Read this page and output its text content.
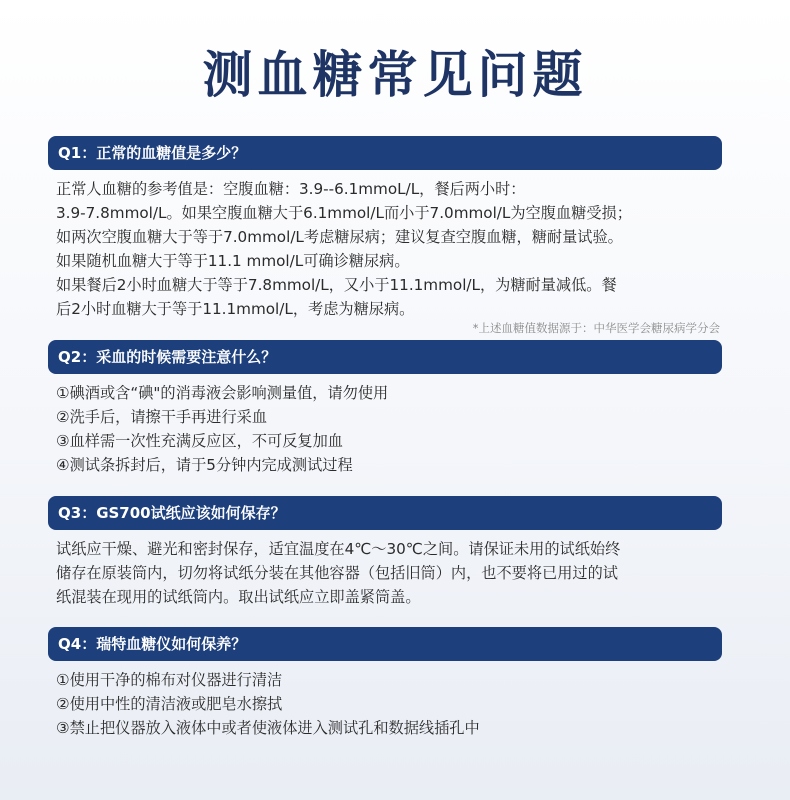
测血糖常见问题
Q1：正常的血糖值是多少？
正常人血糖的参考值是：空腹血糖：3.9--6.1mmoL/L，餐后两小时：
3.9-7.8mmol/L。如果空腹血糖大于6.1mmol/L而小于7.0mmol/L为空腹血糖受损；
如两次空腹血糖大于等于7.0mmol/L考虑糖尿病；建议复查空腹血糖，糖耐量试验。
如果随机血糖大于等于11.1 mmol/L可确诊糖尿病。
如果餐后2小时血糖大于等于7.8mmol/L，又小于11.1mmol/L，为糖耐量减低。餐
后2小时血糖大于等于11.1mmol/L，考虑为糖尿病。
*上述血糖值数据源于：中华医学会糖尿病学分会
Q2：采血的时候需要注意什么？
①碘酒或含“碘"的消毒液会影响测量值，请勿使用
②洗手后，请擦干手再进行采血
③血样需一次性充满反应区，不可反复加血
④测试条拆封后，请于5分钟内完成测试过程
Q3：GS700试纸应该如何保存？
试纸应干燥、避光和密封保存，适宜温度在4℃～30℃之间。请保证未用的试纸始终
储存在原装筒内，切勿将试纸分装在其他容器（包括旧筒）内，也不要将已用过的试
纸混装在现用的试纸筒内。取出试纸应立即盖紧筒盖。
Q4：瑞特血糖仪如何保养？
①使用干净的棉布对仪器进行清洁
②使用中性的清洁液或肥皂水擦拭
③禁止把仪器放入液体中或者使液体进入测试孔和数据线插孔中
